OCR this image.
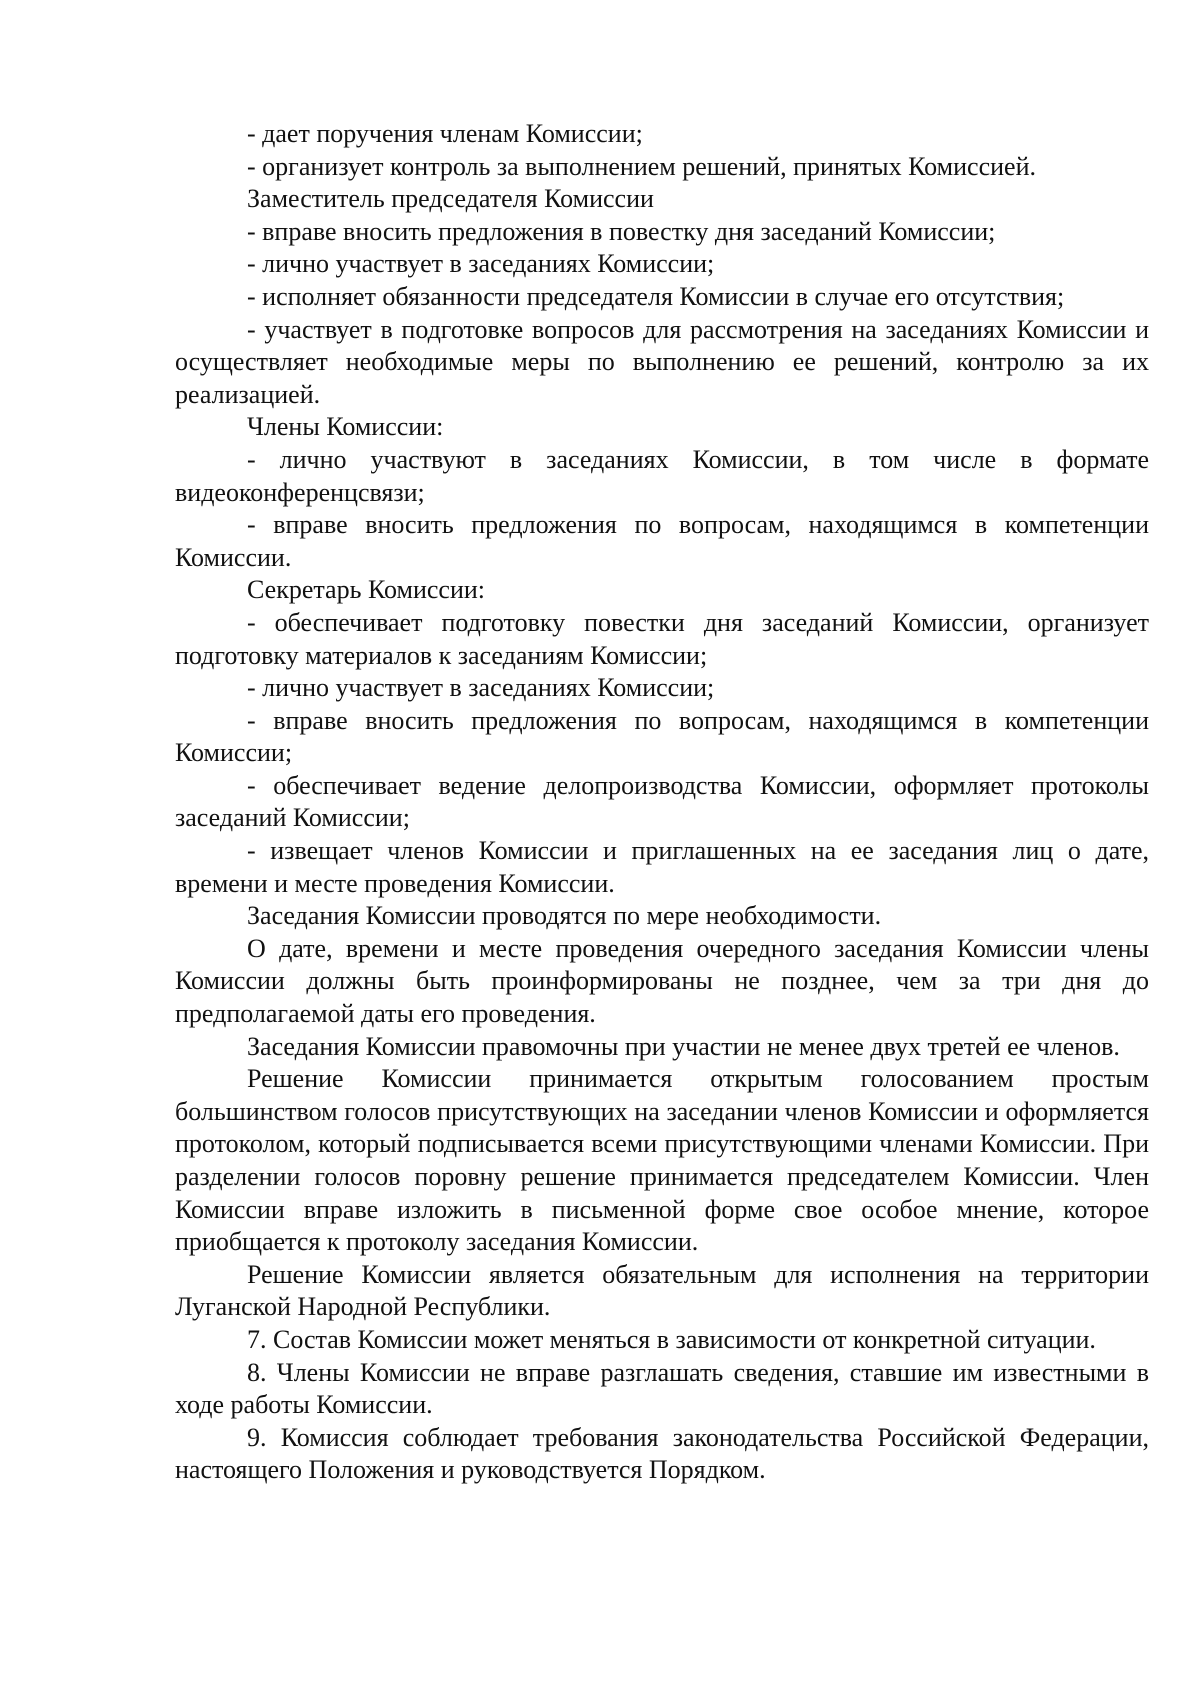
- дает поручения членам Комиссии;

- организует контроль за выполнением решений, принятых Комиссией.

Заместитель председателя Комиссии

- вправе вносить предложения в повестку дня заседаний Комиссии;

- лично участвует в заседаниях Комиссии;

- исполняет обязанности председателя Комиссии в случае его отсутствия;

- участвует в подготовке вопросов для рассмотрения на заседаниях Комиссии и осуществляет необходимые меры по выполнению ее решений, контролю за их реализацией.

Члены Комиссии:

- лично участвуют в заседаниях Комиссии, в том числе в формате видеоконференцсвязи;

- вправе вносить предложения по вопросам, находящимся в компетенции Комиссии.

Секретарь Комиссии:

- обеспечивает подготовку повестки дня заседаний Комиссии, организует подготовку материалов к заседаниям Комиссии;

- лично участвует в заседаниях Комиссии;

- вправе вносить предложения по вопросам, находящимся в компетенции Комиссии;

- обеспечивает ведение делопроизводства Комиссии, оформляет протоколы заседаний Комиссии;

- извещает членов Комиссии и приглашенных на ее заседания лиц о дате, времени и месте проведения Комиссии.

Заседания Комиссии проводятся по мере необходимости.

О дате, времени и месте проведения очередного заседания Комиссии члены Комиссии должны быть проинформированы не позднее, чем за три дня до предполагаемой даты его проведения.

Заседания Комиссии правомочны при участии не менее двух третей ее членов.

Решение Комиссии принимается открытым голосованием простым большинством голосов присутствующих на заседании членов Комиссии и оформляется протоколом, который подписывается всеми присутствующими членами Комиссии. При разделении голосов поровну решение принимается председателем Комиссии. Член Комиссии вправе изложить в письменной форме свое особое мнение, которое приобщается к протоколу заседания Комиссии.

Решение Комиссии является обязательным для исполнения на территории Луганской Народной Республики.

7. Состав Комиссии может меняться в зависимости от конкретной ситуации.

8. Члены Комиссии не вправе разглашать сведения, ставшие им известными в ходе работы Комиссии.

9. Комиссия соблюдает требования законодательства Российской Федерации, настоящего Положения и руководствуется Порядком.
